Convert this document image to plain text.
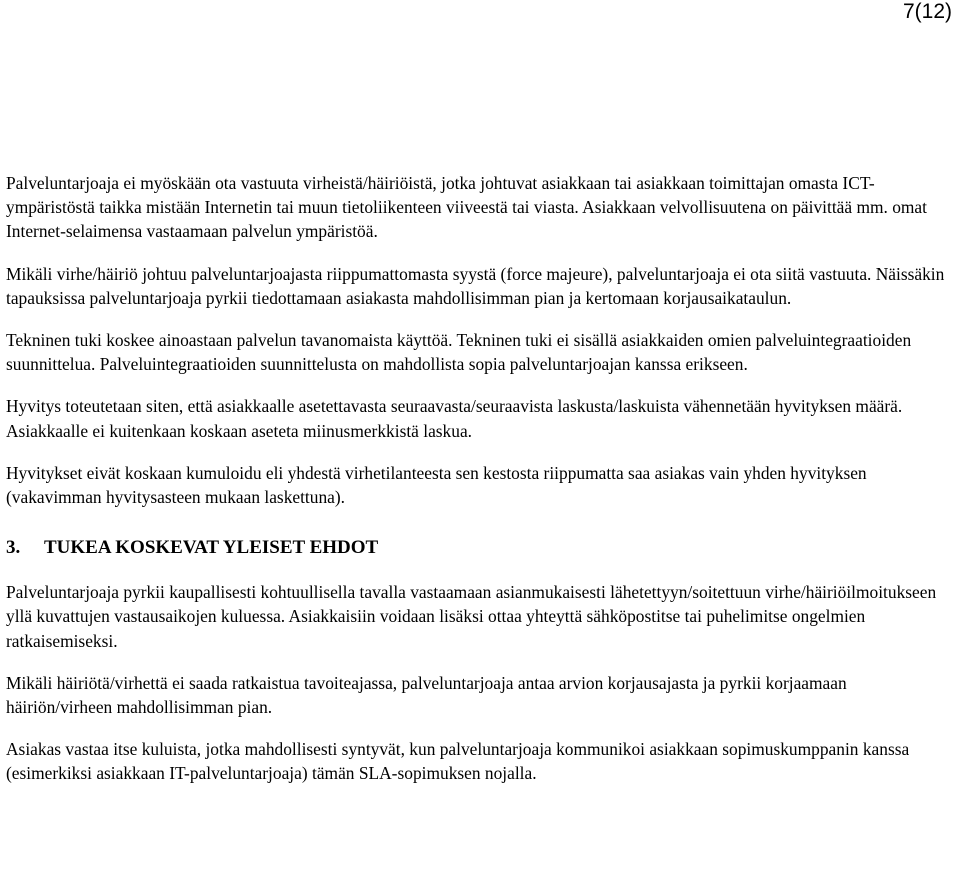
7(12)

Palveluntarjoaja ei myöskään ota vastuuta virheistä/häiriöistä, jotka johtuvat asiakkaan tai asiakkaan toimittajan omasta ICT-ympäristöstä taikka mistään Internetin tai muun tietoliikenteen viiveestä tai viasta. Asiakkaan velvollisuutena on päivittää mm. omat Internet-selaimensa vastaamaan palvelun ympäristöä.

Mikäli virhe/häiriö johtuu palveluntarjoajasta riippumattomasta syystä (force majeure), palveluntarjoaja ei ota siitä vastuuta. Näissäkin tapauksissa palveluntarjoaja pyrkii tiedottamaan asiakasta mahdollisimman pian ja kertomaan korjausaikataulun.

Tekninen tuki koskee ainoastaan palvelun tavanomaista käyttöä. Tekninen tuki ei sisällä asiakkaiden omien palveluintegraatioiden suunnittelua. Palveluintegraatioiden suunnittelusta on mahdollista sopia palveluntarjoajan kanssa erikseen.

Hyvitys toteutetaan siten, että asiakkaalle asetettavasta seuraavasta/seuraavista laskusta/laskuista vähennetään hyvityksen määrä. Asiakkaalle ei kuitenkaan koskaan aseteta miinusmerkkistä laskua.

Hyvitykset eivät koskaan kumuloidu eli yhdestä virhetilanteesta sen kestosta riippumatta saa asiakas vain yhden hyvityksen (vakavimman hyvitysasteen mukaan laskettuna).

3.	TUKEA KOSKEVAT YLEISET EHDOT

Palveluntarjoaja pyrkii kaupallisesti kohtuullisella tavalla vastaamaan asianmukaisesti lähetettyyn/soitettuun virhe/häiriöilmoitukseen yllä kuvattujen vastausaikojen kuluessa. Asiakkaisiin voidaan lisäksi ottaa yhteyttä sähköpostitse tai puhelimitse ongelmien ratkaisemiseksi.

Mikäli häiriötä/virhettä ei saada ratkaistua tavoiteajassa, palveluntarjoaja antaa arvion korjausajasta ja pyrkii korjaamaan häiriön/virheen mahdollisimman pian.

Asiakas vastaa itse kuluista, jotka mahdollisesti syntyvät, kun palveluntarjoaja kommunikoi asiakkaan sopimuskumppanin kanssa (esimerkiksi asiakkaan IT-palveluntarjoaja) tämän SLA-sopimuksen nojalla.
